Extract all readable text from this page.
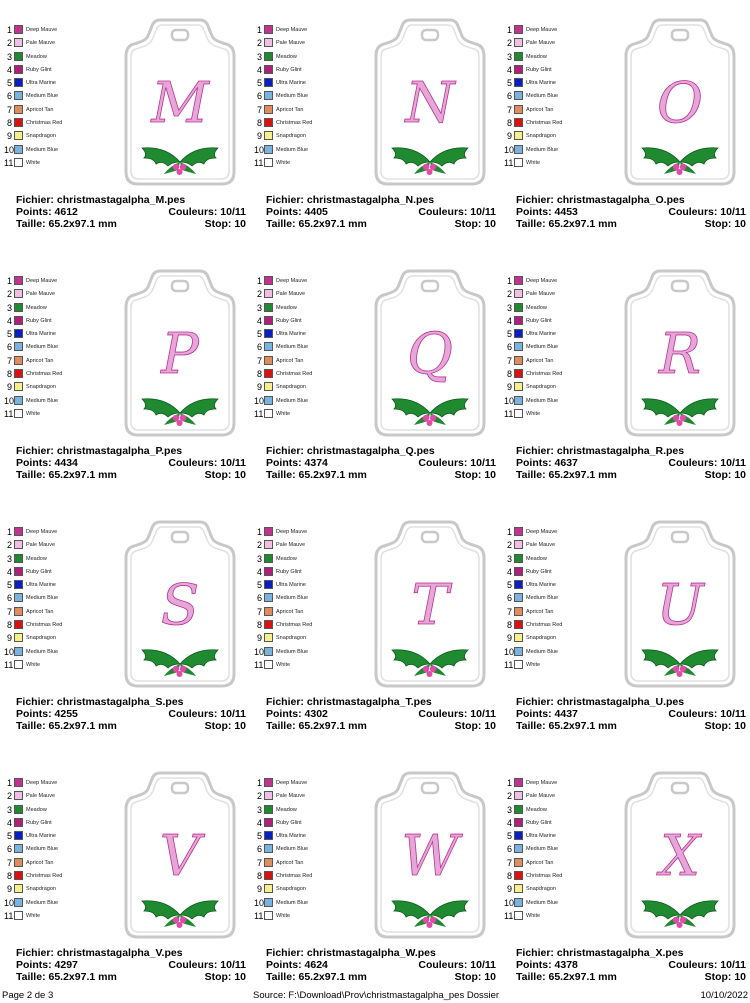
Page 2 de 3	Source: F:\Download\Prov\christmastagalpha_pes Dossier	10/10/2022
1	Deep Mauve
2	Pale Mauve
3	Meadow
4	Ruby Glint
5	Ultra Marine
6	Medium Blue
7	Apricot Tan
8	Christmas Red
9	Snapdragon
10 Medium Blue
11 White
M
Fichier: christmastagalpha_M.pes
Points: 4612	Couleurs: 10/11
Taille: 65.2x97.1 mm	Stop: 10
1	Deep Mauve
2	Pale Mauve
3	Meadow
4	Ruby Glint
5	Ultra Marine
6	Medium Blue
7	Apricot Tan
8	Christmas Red
9	Snapdragon
10 Medium Blue
11 White
N
Fichier: christmastagalpha_N.pes
Points: 4405	Couleurs: 10/11
Taille: 65.2x97.1 mm	Stop: 10
1	Deep Mauve
2	Pale Mauve
3	Meadow
4	Ruby Glint
5	Ultra Marine
6	Medium Blue
7	Apricot Tan
8	Christmas Red
9	Snapdragon
10 Medium Blue
11 White
O
Fichier: christmastagalpha_O.pes
Points: 4453	Couleurs: 10/11
Taille: 65.2x97.1 mm	Stop: 10
1	Deep Mauve
2	Pale Mauve
3	Meadow
4	Ruby Glint
5	Ultra Marine
6	Medium Blue
7	Apricot Tan
8	Christmas Red
9	Snapdragon
10 Medium Blue
11 White
P
Fichier: christmastagalpha_P.pes
Points: 4434	Couleurs: 10/11
Taille: 65.2x97.1 mm	Stop: 10
1	Deep Mauve
2	Pale Mauve
3	Meadow
4	Ruby Glint
5	Ultra Marine
6	Medium Blue
7	Apricot Tan
8	Christmas Red
9	Snapdragon
10 Medium Blue
11 White
Q
Fichier: christmastagalpha_Q.pes
Points: 4374	Couleurs: 10/11
Taille: 65.2x97.1 mm	Stop: 10
1	Deep Mauve
2	Pale Mauve
3	Meadow
4	Ruby Glint
5	Ultra Marine
6	Medium Blue
7	Apricot Tan
8	Christmas Red
9	Snapdragon
10 Medium Blue
11 White
R
Fichier: christmastagalpha_R.pes
Points: 4637	Couleurs: 10/11
Taille: 65.2x97.1 mm	Stop: 10
1	Deep Mauve
2	Pale Mauve
3	Meadow
4	Ruby Glint
5	Ultra Marine
6	Medium Blue
7	Apricot Tan
8	Christmas Red
9	Snapdragon
10 Medium Blue
11 White
S
Fichier: christmastagalpha_S.pes
Points: 4255	Couleurs: 10/11
Taille: 65.2x97.1 mm	Stop: 10
1	Deep Mauve
2	Pale Mauve
3	Meadow
4	Ruby Glint
5	Ultra Marine
6	Medium Blue
7	Apricot Tan
8	Christmas Red
9	Snapdragon
10 Medium Blue
11 White
T
Fichier: christmastagalpha_T.pes
Points: 4302	Couleurs: 10/11
Taille: 65.2x97.1 mm	Stop: 10
1	Deep Mauve
2	Pale Mauve
3	Meadow
4	Ruby Glint
5	Ultra Marine
6	Medium Blue
7	Apricot Tan
8	Christmas Red
9	Snapdragon
10 Medium Blue
11 White
U
Fichier: christmastagalpha_U.pes
Points: 4437	Couleurs: 10/11
Taille: 65.2x97.1 mm	Stop: 10
1	Deep Mauve
2	Pale Mauve
3	Meadow
4	Ruby Glint
5	Ultra Marine
6	Medium Blue
7	Apricot Tan
8	Christmas Red
9	Snapdragon
10 Medium Blue
11 White
V
Fichier: christmastagalpha_V.pes
Points: 4297	Couleurs: 10/11
Taille: 65.2x97.1 mm	Stop: 10
1	Deep Mauve
2	Pale Mauve
3	Meadow
4	Ruby Glint
5	Ultra Marine
6	Medium Blue
7	Apricot Tan
8	Christmas Red
9	Snapdragon
10 Medium Blue
11 White
W
Fichier: christmastagalpha_W.pes
Points: 4624	Couleurs: 10/11
Taille: 65.2x97.1 mm	Stop: 10
1	Deep Mauve
2	Pale Mauve
3	Meadow
4	Ruby Glint
5	Ultra Marine
6	Medium Blue
7	Apricot Tan
8	Christmas Red
9	Snapdragon
10 Medium Blue
11 White
X
Fichier: christmastagalpha_X.pes
Points: 4378	Couleurs: 10/11
Taille: 65.2x97.1 mm	Stop: 10
